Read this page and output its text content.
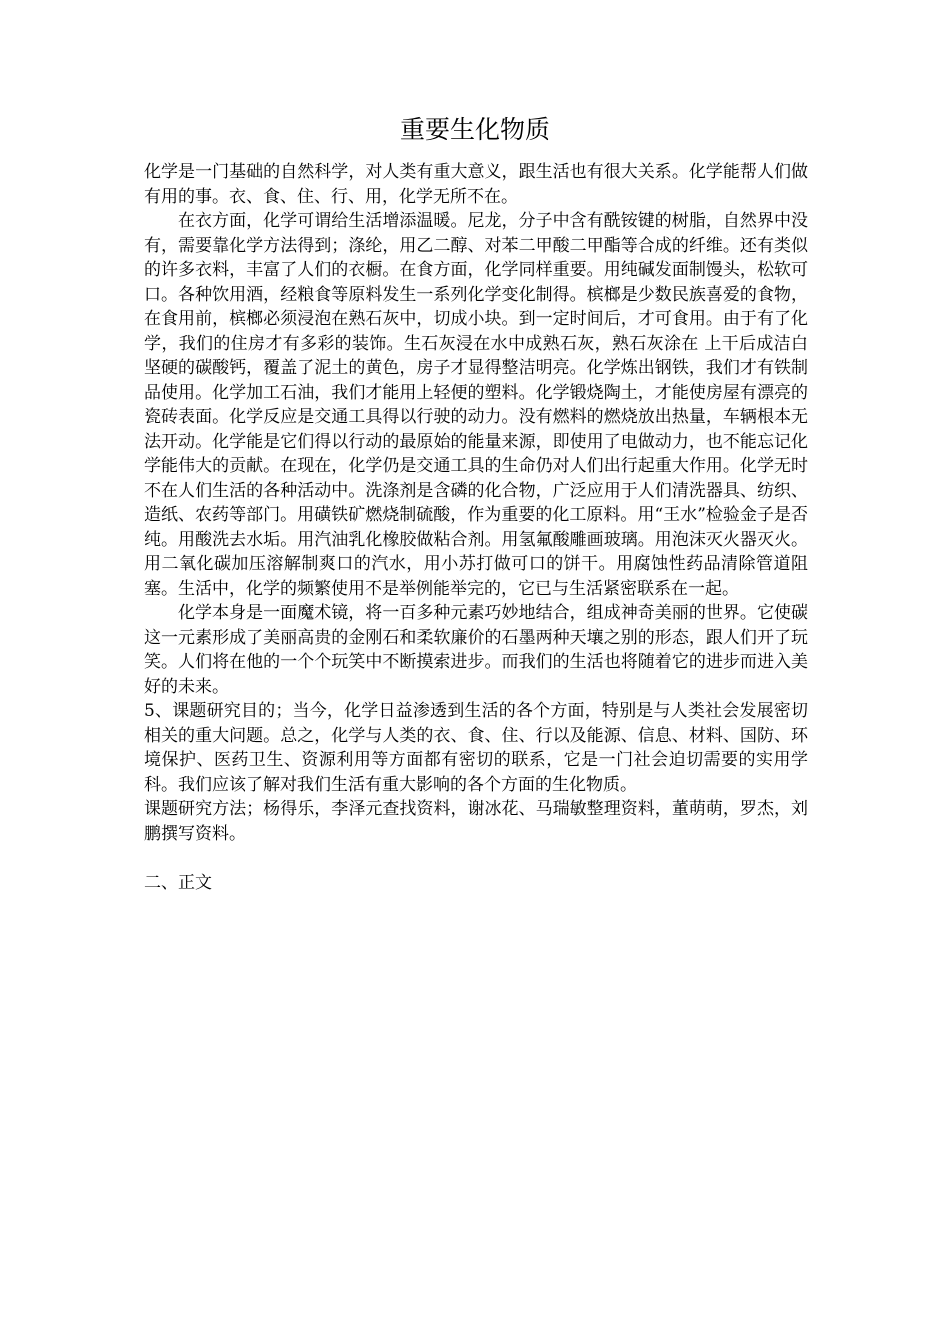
重要生化物质

化学是一门基础的自然科学，对人类有重大意义，跟生活也有很大关系。化学能帮人们做有用的事。衣、食、住、行、用，化学无所不在。

在衣方面，化学可谓给生活增添温暖。尼龙，分子中含有酰铵键的树脂，自然界中没有，需要靠化学方法得到；涤纶，用乙二醇、对苯二甲酸二甲酯等合成的纤维。还有类似的许多衣料，丰富了人们的衣橱。在食方面，化学同样重要。用纯碱发面制馒头，松软可口。各种饮用酒，经粮食等原料发生一系列化学变化制得。槟榔是少数民族喜爱的食物，在食用前，槟榔必须浸泡在熟石灰中，切成小块。到一定时间后，才可食用。由于有了化学，我们的住房才有多彩的装饰。生石灰浸在水中成熟石灰，熟石灰涂在 上干后成洁白坚硬的碳酸钙，覆盖了泥土的黄色，房子才显得整洁明亮。化学炼出钢铁，我们才有铁制品使用。化学加工石油，我们才能用上轻便的塑料。化学锻烧陶土，才能使房屋有漂亮的瓷砖表面。化学反应是交通工具得以行驶的动力。没有燃料的燃烧放出热量，车辆根本无法开动。化学能是它们得以行动的最原始的能量来源，即使用了电做动力，也不能忘记化学能伟大的贡献。在现在，化学仍是交通工具的生命仍对人们出行起重大作用。化学无时不在人们生活的各种活动中。洗涤剂是含磷的化合物，广泛应用于人们清洗器具、纺织、造纸、农药等部门。用磺铁矿燃烧制硫酸，作为重要的化工原料。用“王水”检验金子是否纯。用酸洗去水垢。用汽油乳化橡胶做粘合剂。用氢氟酸雕画玻璃。用泡沫灭火器灭火。用二氧化碳加压溶解制爽口的汽水，用小苏打做可口的饼干。用腐蚀性药品清除管道阻塞。生活中，化学的频繁使用不是举例能举完的，它已与生活紧密联系在一起。

化学本身是一面魔术镜，将一百多种元素巧妙地结合，组成神奇美丽的世界。它使碳这一元素形成了美丽高贵的金刚石和柔软廉价的石墨两种天壤之别的形态，跟人们开了玩笑。人们将在他的一个个玩笑中不断摸索进步。而我们的生活也将随着它的进步而进入美好的未来。

5、课题研究目的；当今，化学日益渗透到生活的各个方面，特别是与人类社会发展密切相关的重大问题。总之，化学与人类的衣、食、住、行以及能源、信息、材料、国防、环境保护、医药卫生、资源利用等方面都有密切的联系，它是一门社会迫切需要的实用学科。我们应该了解对我们生活有重大影响的各个方面的生化物质。

课题研究方法；杨得乐，李泽元查找资料，谢冰花、马瑞敏整理资料，董萌萌，罗杰，刘鹏撰写资料。

二、正文
